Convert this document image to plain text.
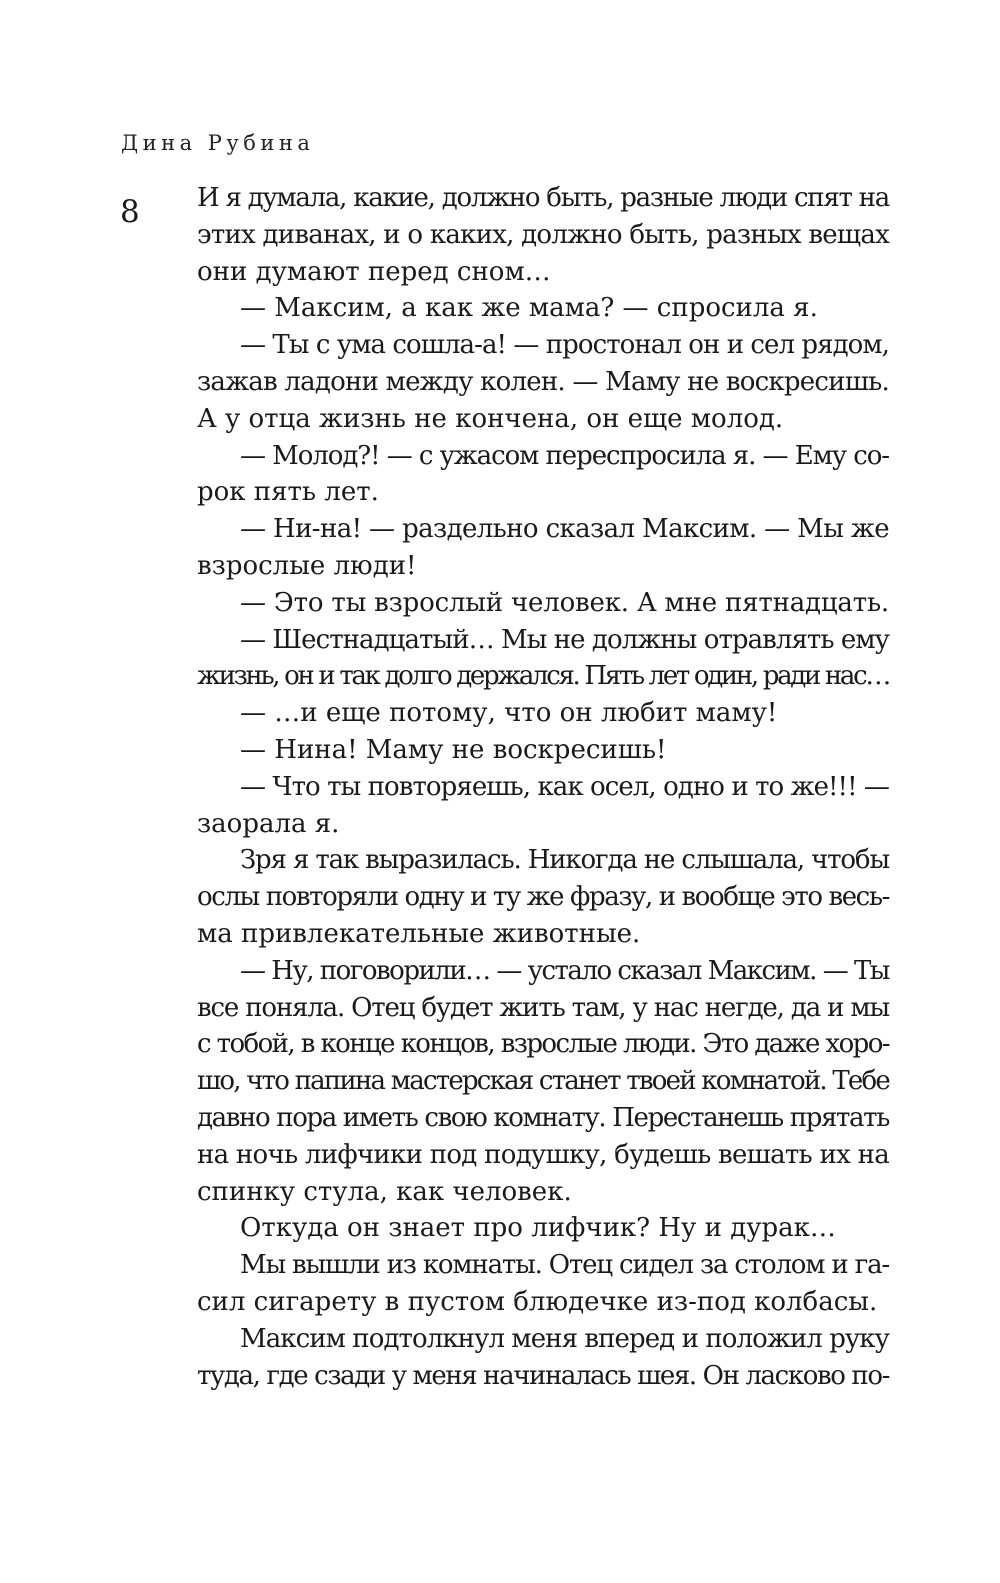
Дина Рубина
8 И я думала, какие, должно быть, разные люди спят на
этих диванах, и о каких, должно быть, разных вещах
они думают перед сном…
— Максим, а как же мама? — спросила я.
— Ты с ума сошла-а! — простонал он и сел рядом,
зажав ладони между колен. — Маму не воскресишь.
А у отца жизнь не кончена, он еще молод.
— Молод?! — с ужасом переспросила я. — Ему со-
рок пять лет.
— Ни-на! — раздельно сказал Максим. — Мы же
взрослые люди!
— Это ты взрослый человек. А мне пятнадцать.
— Шестнадцатый… Мы не должны отравлять ему
жизнь, он и так долго держался. Пять лет один, ради нас…
— …и еще потому, что он любит маму!
— Нина! Маму не воскресишь!
— Что ты повторяешь, как осел, одно и то же!!! —
заорала я.
Зря я так выразилась. Никогда не слышала, чтобы
ослы повторяли одну и ту же фразу, и вообще это весь-
ма привлекательные животные.
— Ну, поговорили… — устало сказал Максим. — Ты
все поняла. Отец будет жить там, у нас негде, да и мы
с тобой, в конце концов, взрослые люди. Это даже хоро-
шо, что папина мастерская станет твоей комнатой. Тебе
давно пора иметь свою комнату. Перестанешь прятать
на ночь лифчики под подушку, будешь вешать их на
спинку стула, как человек.
Откуда он знает про лифчик? Ну и дурак…
Мы вышли из комнаты. Отец сидел за столом и га-
сил сигарету в пустом блюдечке из-под колбасы.
Максим подтолкнул меня вперед и положил руку
туда, где сзади у меня начиналась шея. Он ласково по-
